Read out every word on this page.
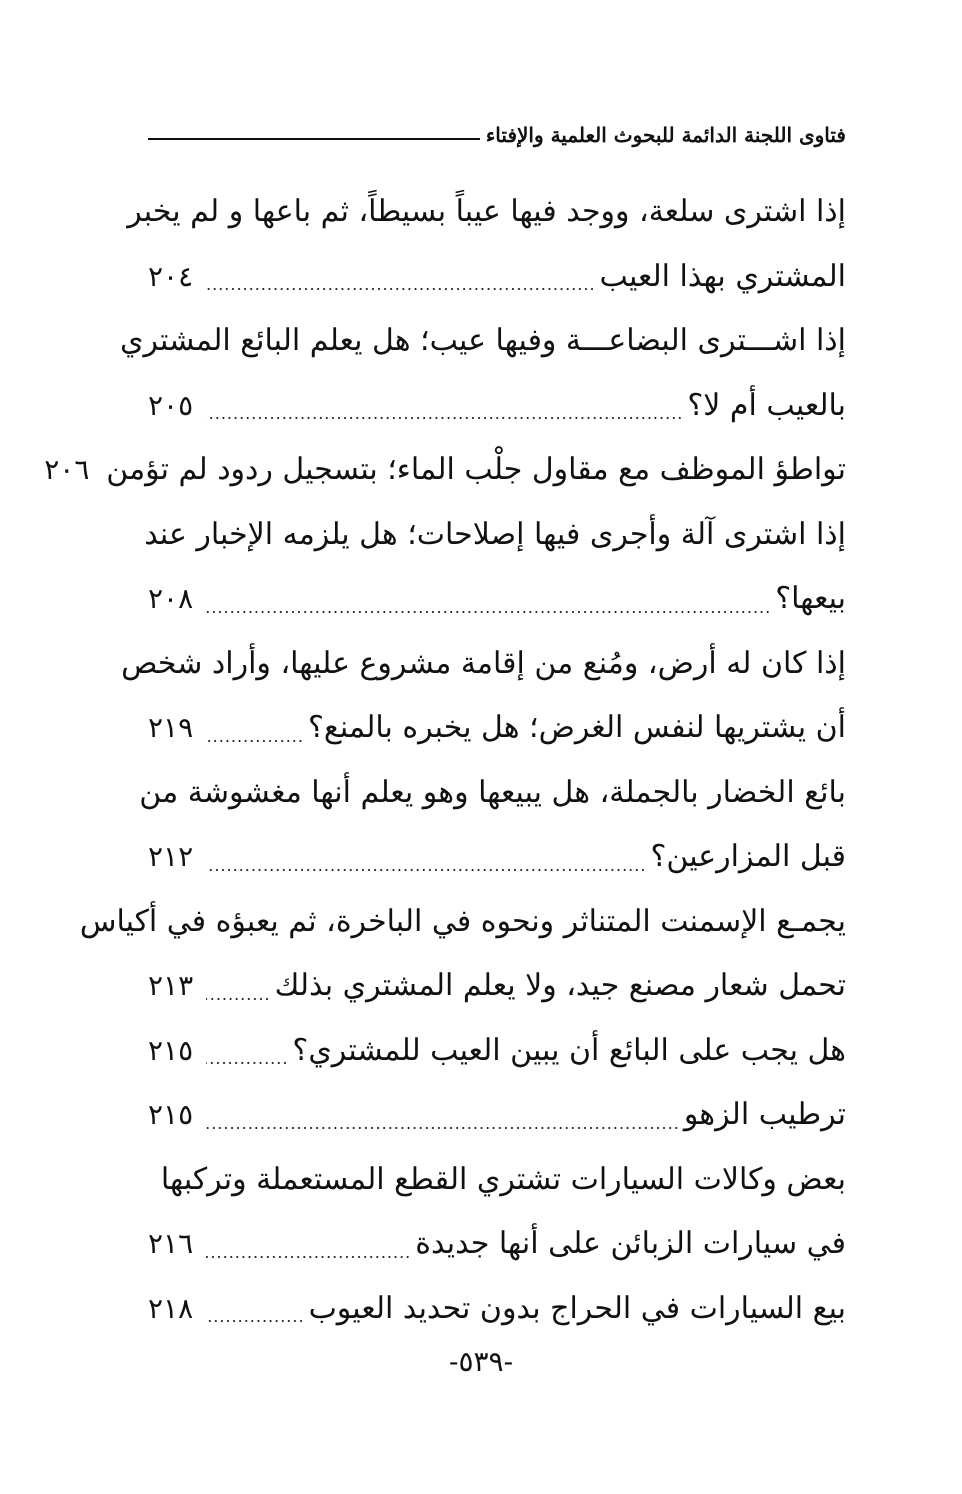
فتاوى اللجنة الدائمة للبحوث العلمية والإفتاء
إذا اشترى سلعة، ووجد فيها عيباً بسيطاً، ثم باعها و لم يخبر
المشتري بهذا العيب
.....
٢٠٤
إذا اشـــترى البضاعـــة وفيها عيب؛ هل يعلم البائع المشتري
بالعيب أم لا؟
.....
٢٠٥
تواطؤ الموظف مع مقاول جلْب الماء؛ بتسجيل ردود لم تؤمن
٢٠٦
إذا اشترى آلة وأجرى فيها إصلاحات؛ هل يلزمه الإخبار عند
بيعها؟
.....
٢٠٨
إذا كان له أرض، ومُنع من إقامة مشروع عليها، وأراد شخص
أن يشتريها لنفس الغرض؛ هل يخبره بالمنع؟
.....
٢١٩
بائع الخضار بالجملة، هل يبيعها وهو يعلم أنها مغشوشة من
قبل المزارعين؟
.....
٢١٢
يجمـع الإسمنت المتناثر ونحوه في الباخرة، ثم يعبؤه في أكياس
تحمل شعار مصنع جيد، ولا يعلم المشتري بذلك
.....
٢١٣
هل يجب على البائع أن يبين العيب للمشتري؟
.....
٢١٥
ترطيب الزهو
.....
٢١٥
بعض وكالات السيارات تشتري القطع المستعملة وتركبها
في سيارات الزبائن على أنها جديدة
.....
٢١٦
بيع السيارات في الحراج بدون تحديد العيوب
.....
٢١٨
-٥٣٩-
